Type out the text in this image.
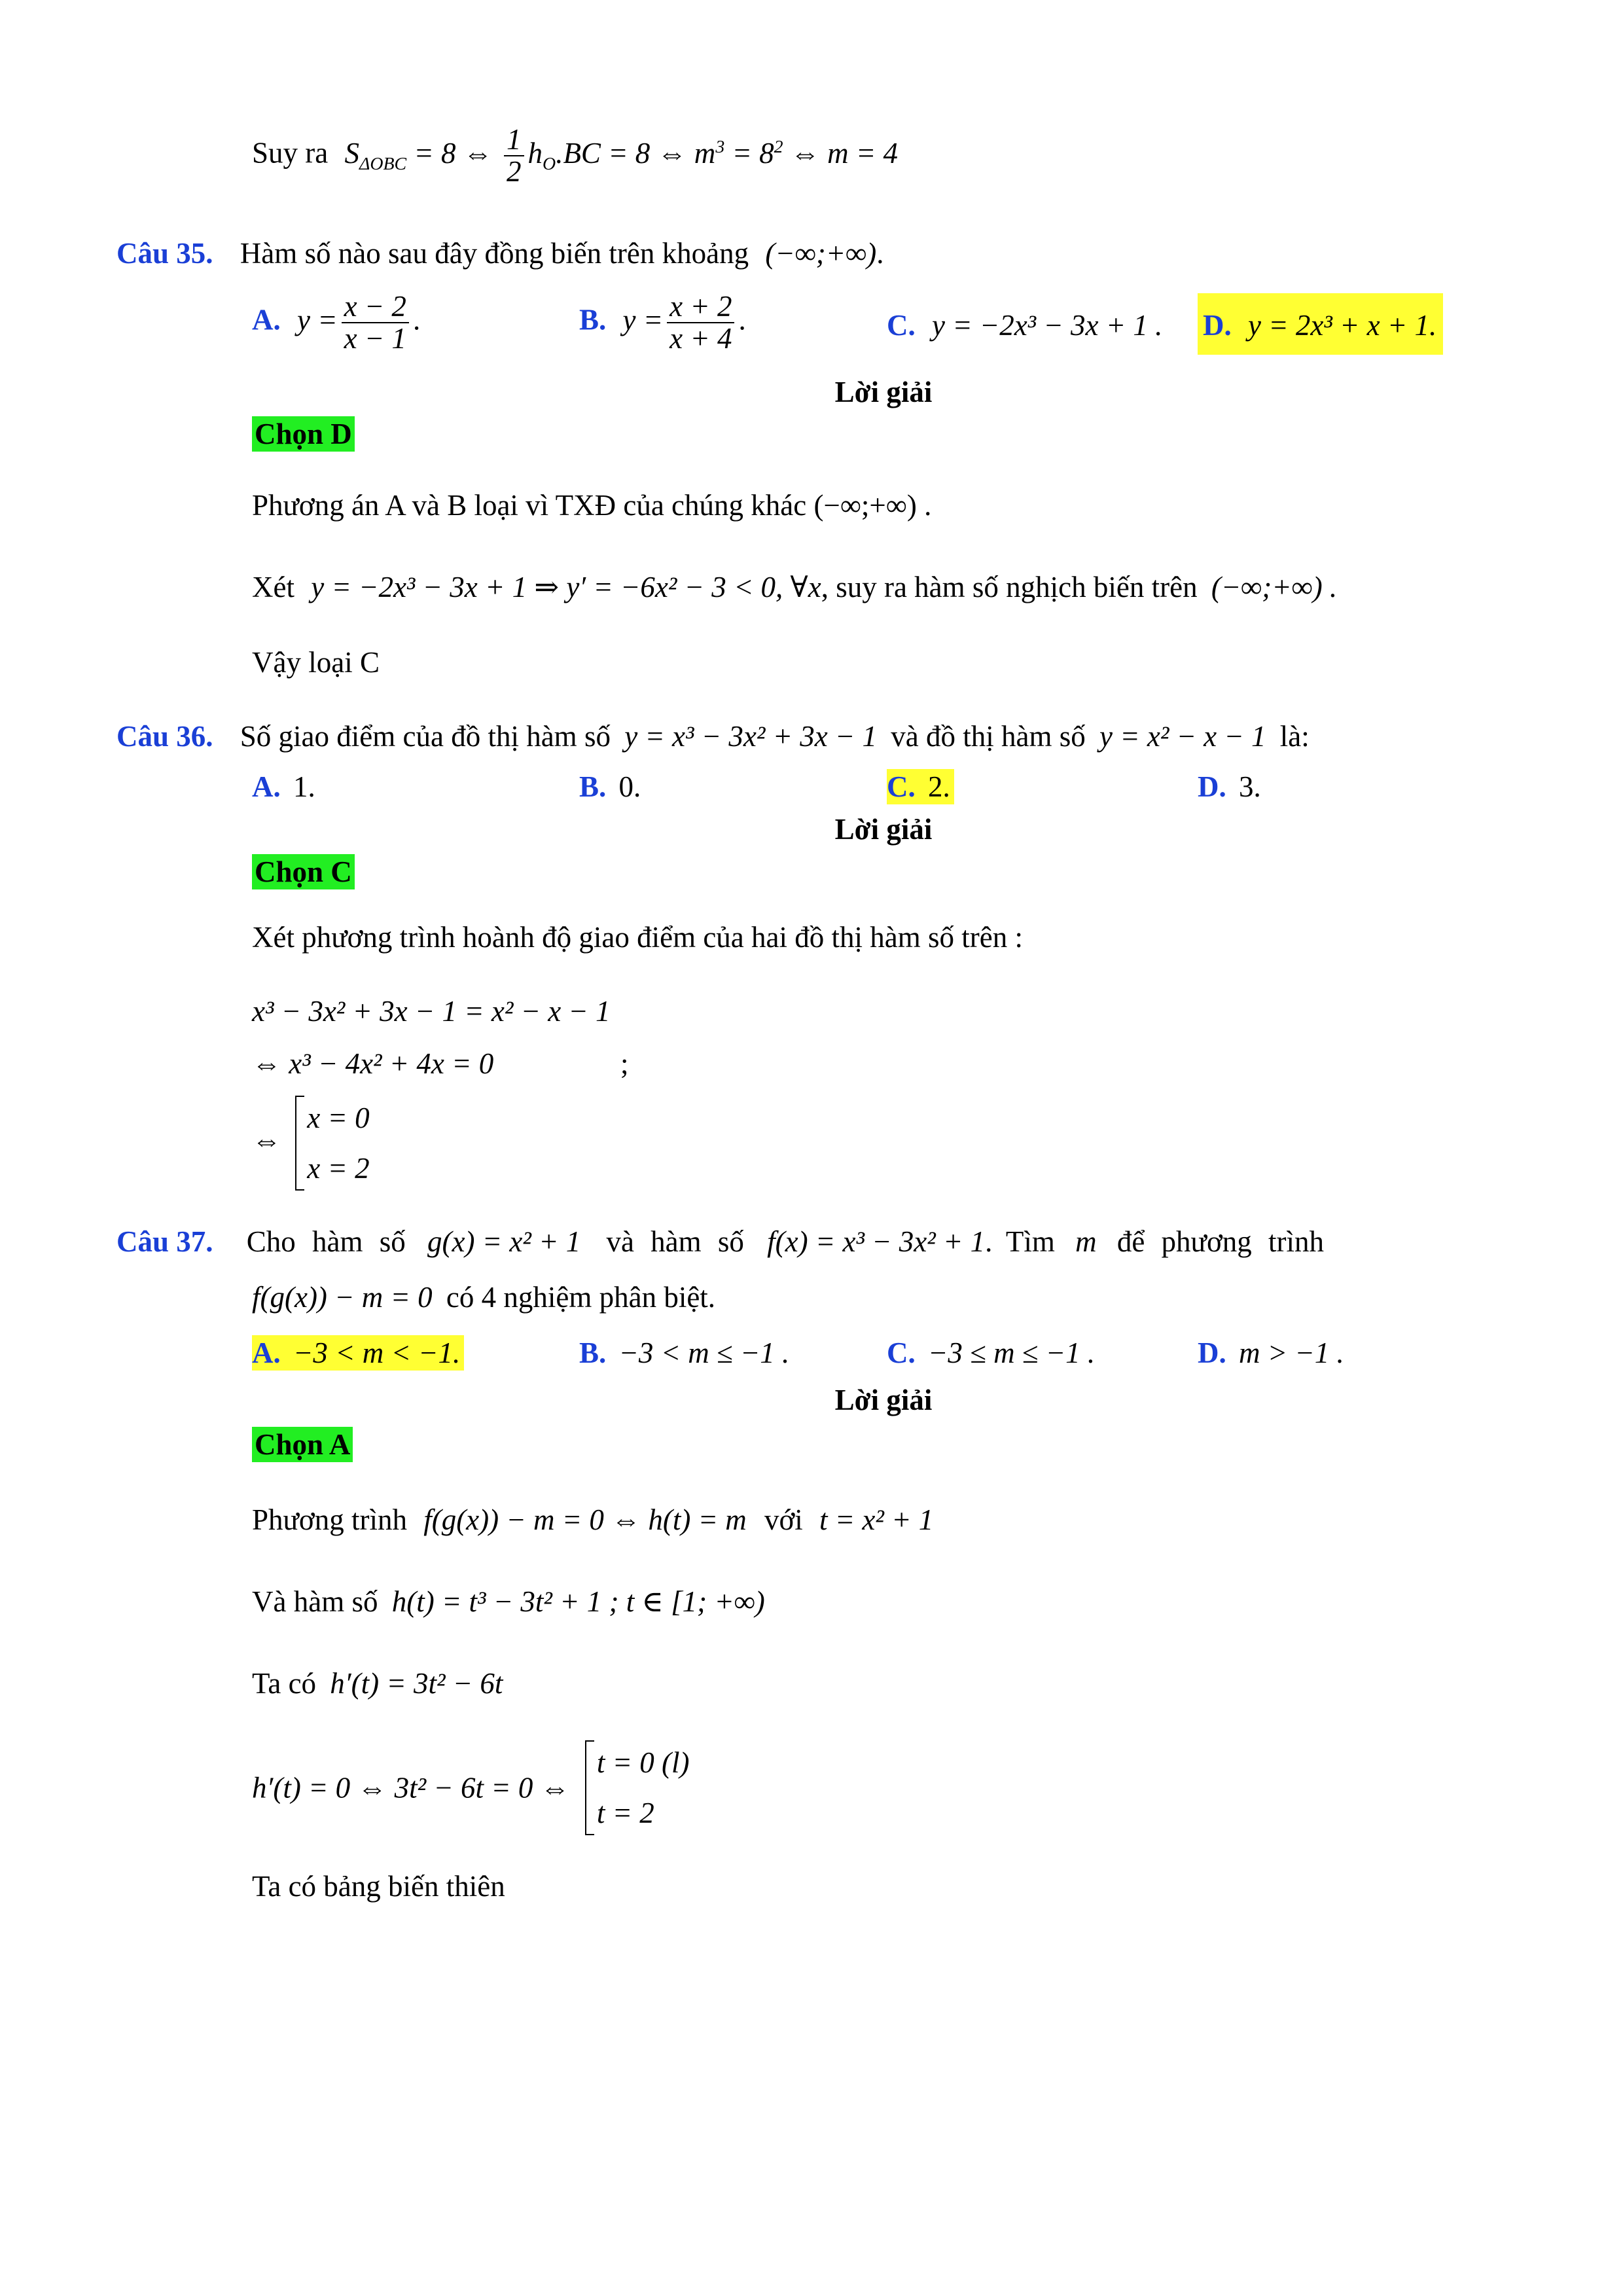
Suy ra $S_{\Delta OBC} = 8$ ⇔ $\frac{1}{2} h_O.BC = 8$ ⇔ $m^3 = 8^2$ ⇔ m = 4
Câu 35. Hàm số nào sau đây đồng biến trên khoảng (−∞;+∞).
A. $y = \frac{x - 2}{x - 1}$ .	B. $y = \frac{x + 2}{x + 4}$ .	C. y = −2x³ − 3x + 1 . D. y = 2x³ + x + 1.
Lời giải
Chọn D
Phương án A và B loại vì TXĐ của chúng khác (−∞;+∞) .
Xét y = −2x³ − 3x + 1 ⇒ y′ = −6x² − 3 < 0, ∀x, suy ra hàm số nghịch biến trên (−∞;+∞) .
Vậy loại C
Câu 36. Số giao điểm của đồ thị hàm số y = x³ − 3x² + 3x − 1 và đồ thị hàm số y = x² − x − 1 là:
A. 1.	B. 0.	C. 2.	D. 3.
Lời giải
Chọn C
Xét phương trình hoành độ giao điểm của hai đồ thị hàm số trên :
x³ − 3x² + 3x − 1 = x² − x − 1
⇔ x³ − 4x² + 4x = 0	;
⇔
x = 0
x = 2
Câu 37. Cho hàm số g(x) = x² + 1 và hàm số f(x) = x³ − 3x² + 1. Tìm m để phương trình
f(g(x)) − m = 0 có 4 nghiệm phân biệt.
A. −3 < m < −1.	B. −3 < m ≤ −1 .	C. −3 ≤ m ≤ −1 .	D. m > −1 .
Lời giải
Chọn A
Phương trình f(g(x)) − m = 0 ⇔ h(t) = m với t = x² + 1
Và hàm số h(t) = t³ − 3t² + 1 ; t ∈ [1; +∞)
Ta có h′(t) = 3t² − 6t
h′(t) = 0 ⇔ 3t² − 6t = 0 ⇔
t = 0 (l)
t = 2
Ta có bảng biến thiên
